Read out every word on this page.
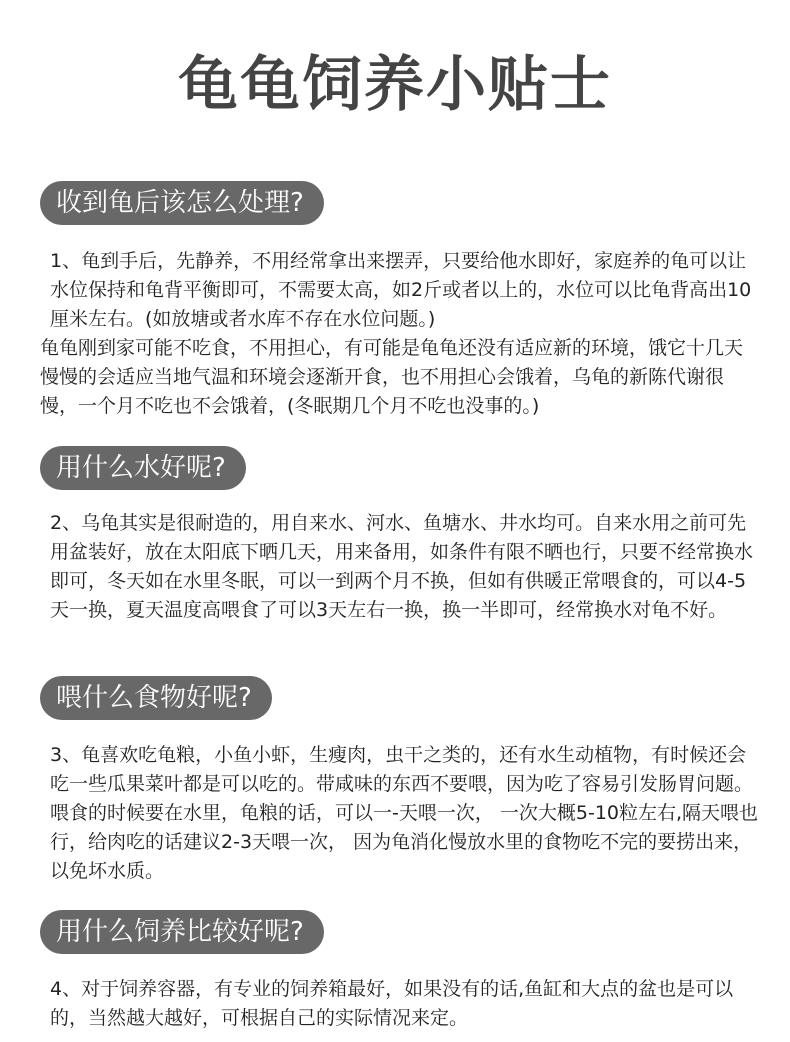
龟龟饲养小贴士
收到龟后该怎么处理?

1、龟到手后，先静养，不用经常拿出来摆弄，只要给他水即好，家庭养的龟可以让水位保持和龟背平衡即可，不需要太高，如2斤或者以上的，水位可以比龟背高出10厘米左右。(如放塘或者水库不存在水位问题。)

龟龟刚到家可能不吃食，不用担心，有可能是龟龟还没有适应新的环境，饿它十几天慢慢的会适应当地气温和环境会逐渐开食，也不用担心会饿着，乌龟的新陈代谢很慢，一个月不吃也不会饿着，(冬眠期几个月不吃也没事的。)

用什么水好呢?

2、乌龟其实是很耐造的，用自来水、河水、鱼塘水、井水均可。自来水用之前可先用盆装好，放在太阳底下晒几天，用来备用，如条件有限不晒也行，只要不经常换水即可，冬天如在水里冬眠，可以一到两个月不换，但如有供暖正常喂食的，可以4-5天一换，夏天温度高喂食了可以3天左右一换，换一半即可，经常换水对龟不好。

喂什么食物好呢?

3、龟喜欢吃龟粮，小鱼小虾，生瘦肉，虫干之类的，还有水生动植物，有时候还会吃一些瓜果菜叶都是可以吃的。带咸味的东西不要喂，因为吃了容易引发肠胃问题。喂食的时候要在水里，龟粮的话，可以一-天喂一次， 一次大概5-10粒左右,隔天喂也行，给肉吃的话建议2-3天喂一次， 因为龟消化慢放水里的食物吃不完的要捞出来，以免坏水质。

用什么饲养比较好呢?

4、对于饲养容器，有专业的饲养箱最好，如果没有的话,鱼缸和大点的盆也是可以的，当然越大越好，可根据自己的实际情况来定。
